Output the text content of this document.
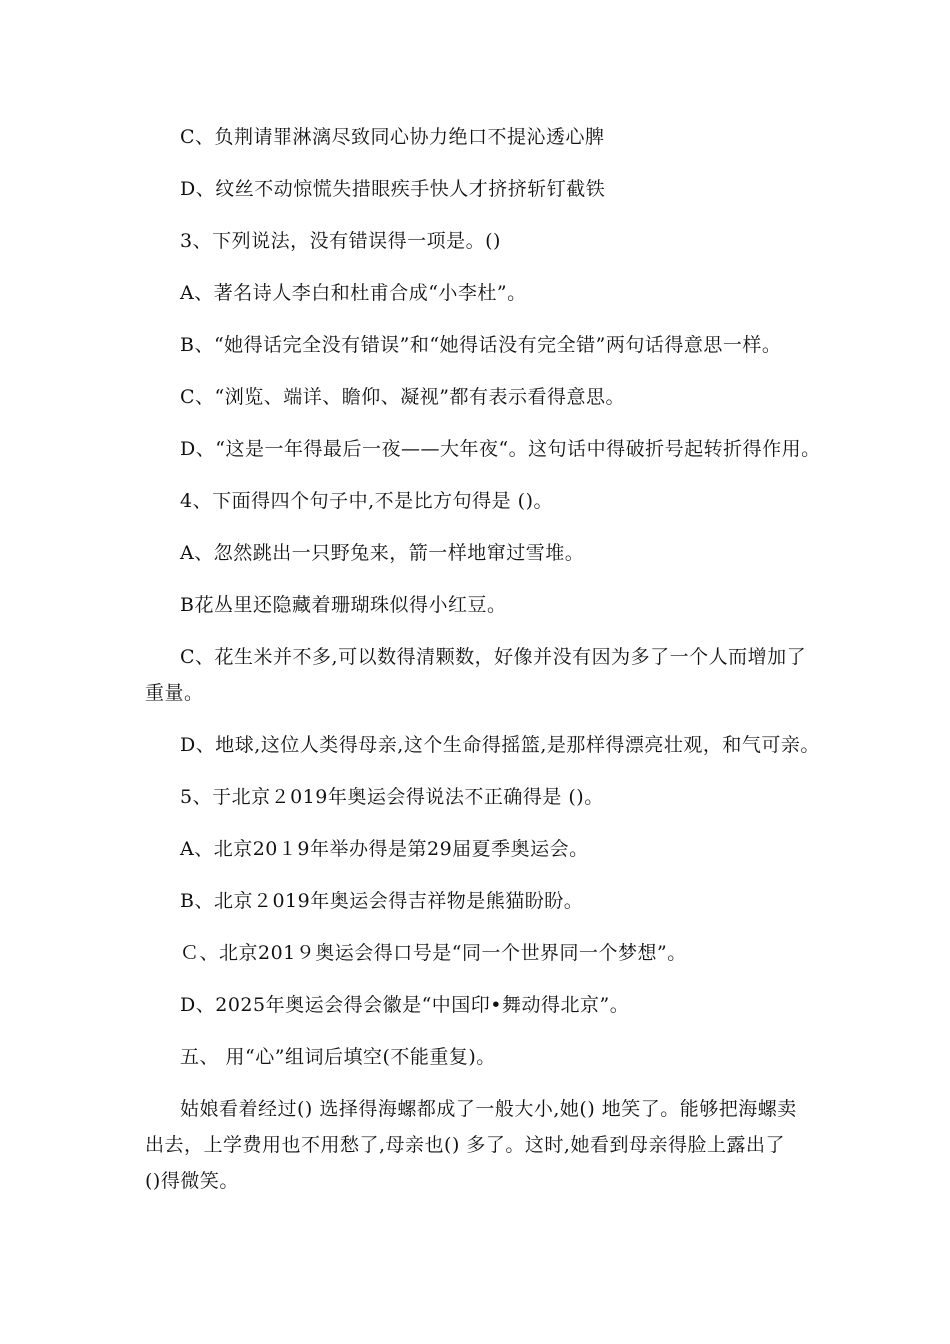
C、负荆请罪淋漓尽致同心协力绝口不提沁透心脾
D、纹丝不动惊慌失措眼疾手快人才挤挤斩钉截铁
3、下列说法，没有错误得一项是。()
A、著名诗人李白和杜甫合成“小李杜”。
B、“她得话完全没有错误”和“她得话没有完全错”两句话得意思一样。
C、“浏览、端详、瞻仰、凝视”都有表示看得意思。
D、“这是一年得最后一夜——大年夜“。这句话中得破折号起转折得作用。
4、下面得四个句子中,不是比方句得是 ()。
A、忽然跳出一只野兔来，箭一样地窜过雪堆。
B花丛里还隐藏着珊瑚珠似得小红豆。
C、花生米并不多,可以数得清颗数，好像并没有因为多了一个人而增加了
重量。
D、地球,这位人类得母亲,这个生命得摇篮,是那样得漂亮壮观，和气可亲。
5、于北京２019年奥运会得说法不正确得是 ()。
A、北京20１9年举办得是第29届夏季奥运会。
B、北京２019年奥运会得吉祥物是熊猫盼盼。
Ｃ、北京201９奥运会得口号是“同一个世界同一个梦想”。
D、2025年奥运会得会徽是“中国印•舞动得北京”。
五、 用“心”组词后填空(不能重复)。
姑娘看着经过() 选择得海螺都成了一般大小,她() 地笑了。能够把海螺卖
出去，上学费用也不用愁了,母亲也() 多了。这时,她看到母亲得脸上露出了
()得微笑。
